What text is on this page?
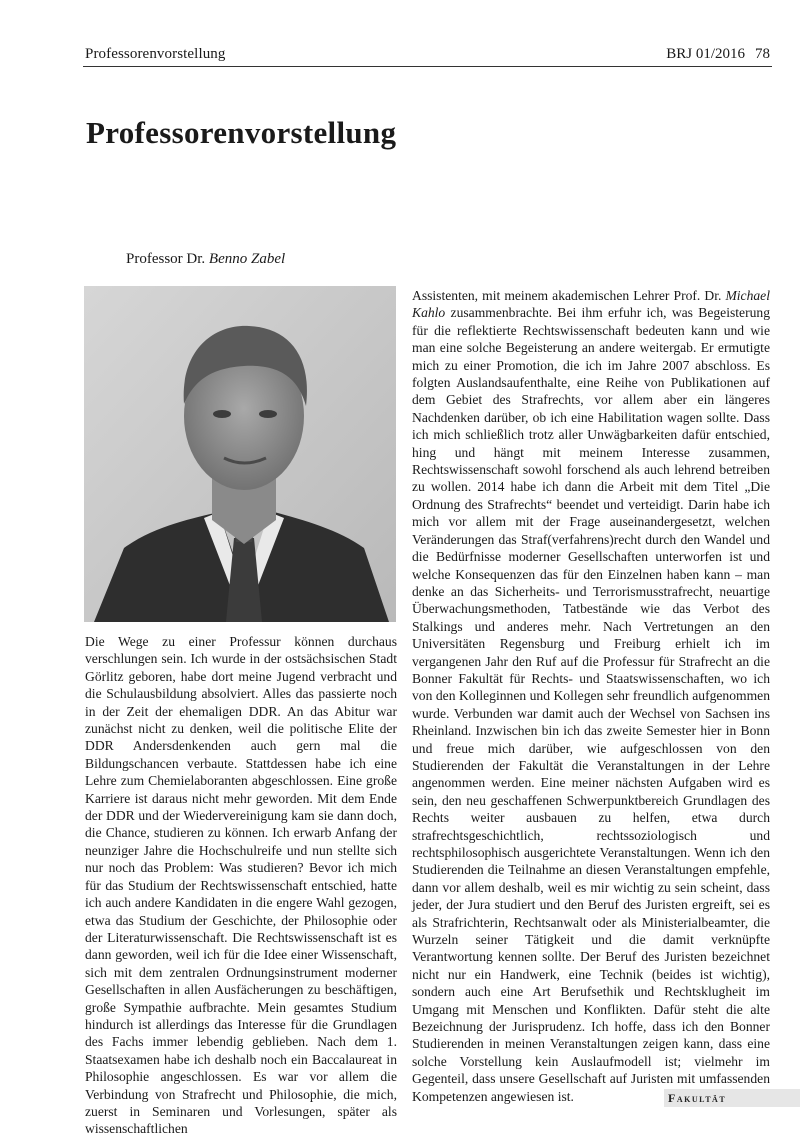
Professorenvorstellung	BRJ 01/2016 78
Professorenvorstellung
Professor Dr. Benno Zabel

Die Wege zu einer Professur können durchaus verschlungen sein. Ich wurde in der ostsächsischen Stadt Görlitz geboren, habe dort meine Jugend verbracht und die Schulausbildung absolviert. Alles das passierte noch in der Zeit der ehemaligen DDR. An das Abitur war zunächst nicht zu denken, weil die politische Elite der DDR Andersdenkenden auch gern mal die Bildungschancen verbaute. Stattdessen habe ich eine Lehre zum Chemielaboranten abgeschlossen. Eine große Karriere ist daraus nicht mehr geworden. Mit dem Ende der DDR und der Wiedervereinigung kam sie dann doch, die Chance, studieren zu können. Ich erwarb Anfang der neunziger Jahre die Hochschulreife und nun stellte sich nur noch das Problem: Was studieren? Bevor ich mich für das Studium der Rechtswissenschaft entschied, hatte ich auch andere Kandidaten in die engere Wahl gezogen, etwa das Studium der Geschichte, der Philosophie oder der Literaturwissenschaft. Die Rechtswissenschaft ist es dann geworden, weil ich für die Idee einer Wissenschaft, sich mit dem zentralen Ordnungsinstrument moderner Gesellschaften in allen Ausfächerungen zu beschäftigen, große Sympathie aufbrachte. Mein gesamtes Studium hindurch ist allerdings das Interesse für die Grundlagen des Fachs immer lebendig geblieben. Nach dem 1. Staatsexamen habe ich deshalb noch ein Baccalaureat in Philosophie angeschlossen. Es war vor allem die Verbindung von Strafrecht und Philosophie, die mich, zuerst in Seminaren und Vorlesungen, später als wissenschaftlichen

Assistenten, mit meinem akademischen Lehrer Prof. Dr. Michael Kahlo zusammenbrachte. Bei ihm erfuhr ich, was Begeisterung für die reflektierte Rechtswissenschaft bedeuten kann und wie man eine solche Begeisterung an andere weitergab. Er ermutigte mich zu einer Promotion, die ich im Jahre 2007 abschloss. Es folgten Auslandsaufenthalte, eine Reihe von Publikationen auf dem Gebiet des Strafrechts, vor allem aber ein längeres Nachdenken darüber, ob ich eine Habilitation wagen sollte. Dass ich mich schließlich trotz aller Unwägbarkeiten dafür entschied, hing und hängt mit meinem Interesse zusammen, Rechtswissenschaft sowohl forschend als auch lehrend betreiben zu wollen. 2014 habe ich dann die Arbeit mit dem Titel „Die Ordnung des Strafrechts“ beendet und verteidigt. Darin habe ich mich vor allem mit der Frage auseinandergesetzt, welchen Veränderungen das Straf(verfahrens)recht durch den Wandel und die Bedürfnisse moderner Gesellschaften unterworfen ist und welche Konsequenzen das für den Einzelnen haben kann – man denke an das Sicherheits- und Terrorismusstrafrecht, neuartige Überwachungsmethoden, Tatbestände wie das Verbot des Stalkings und anderes mehr. Nach Vertretungen an den Universitäten Regensburg und Freiburg erhielt ich im vergangenen Jahr den Ruf auf die Professur für Strafrecht an die Bonner Fakultät für Rechts- und Staatswissenschaften, wo ich von den Kolleginnen und Kollegen sehr freundlich aufgenommen wurde. Verbunden war damit auch der Wechsel von Sachsen ins Rheinland. Inzwischen bin ich das zweite Semester hier in Bonn und freue mich darüber, wie aufgeschlossen von den Studierenden der Fakultät die Veranstaltungen in der Lehre angenommen werden. Eine meiner nächsten Aufgaben wird es sein, den neu geschaffenen Schwerpunktbereich Grundlagen des Rechts weiter ausbauen zu helfen, etwa durch strafrechtsgeschichtlich, rechtssoziologisch und rechtsphilosophisch ausgerichtete Veranstaltungen. Wenn ich den Studierenden die Teilnahme an diesen Veranstaltungen empfehle, dann vor allem deshalb, weil es mir wichtig zu sein scheint, dass jeder, der Jura studiert und den Beruf des Juristen ergreift, sei es als Strafrichterin, Rechtsanwalt oder als Ministerialbeamter, die Wurzeln seiner Tätigkeit und die damit verknüpfte Verantwortung kennen sollte. Der Beruf des Juristen bezeichnet nicht nur ein Handwerk, eine Technik (beides ist wichtig), sondern auch eine Art Berufsethik und Rechtsklugheit im Umgang mit Menschen und Konflikten. Dafür steht die alte Bezeichnung der Jurisprudenz. Ich hoffe, dass ich den Bonner Studierenden in meinen Veranstaltungen zeigen kann, dass eine solche Vorstellung kein Auslaufmodell ist; vielmehr im Gegenteil, dass unsere Gesellschaft auf Juristen mit umfassenden Kompetenzen angewiesen ist.	Fakultät
